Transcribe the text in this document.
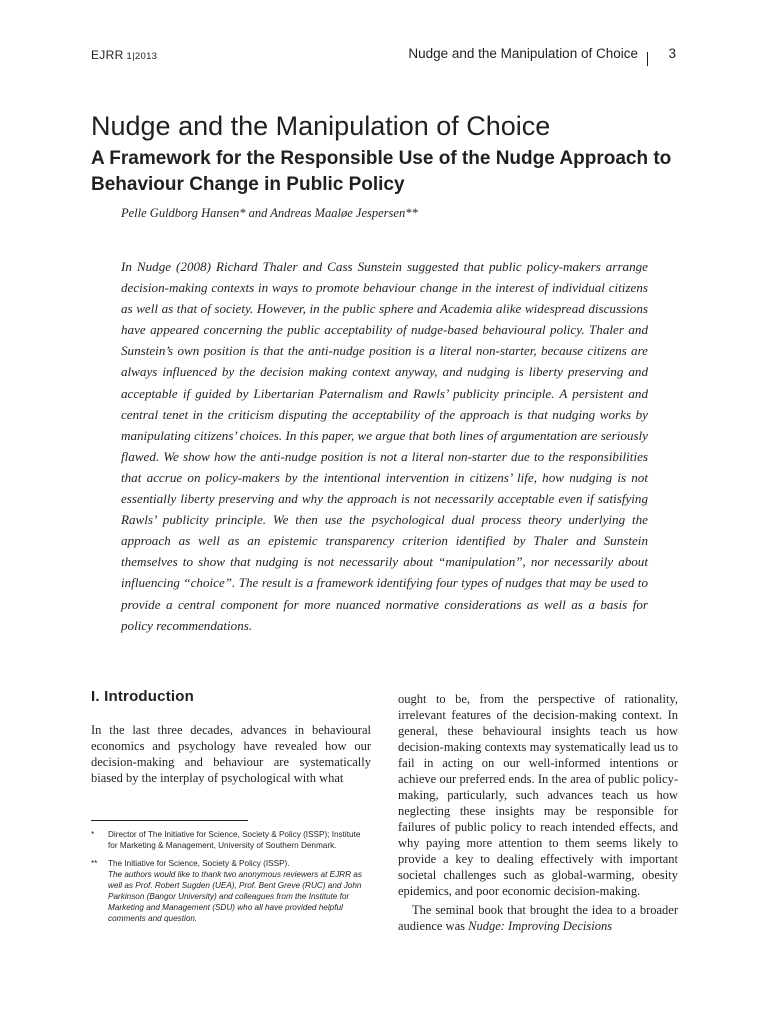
EJRR 1|2013	Nudge and the Manipulation of Choice 3
Nudge and the Manipulation of Choice
A Framework for the Responsible Use of the Nudge Approach to Behaviour Change in Public Policy
Pelle Guldborg Hansen* and Andreas Maaløe Jespersen**

In Nudge (2008) Richard Thaler and Cass Sunstein suggested that public policy-makers arrange decision-making contexts in ways to promote behaviour change in the interest of individual citizens as well as that of society. However, in the public sphere and Academia alike widespread discussions have appeared concerning the public acceptability of nudge-based behavioural policy. Thaler and Sunstein’s own position is that the anti-nudge position is a literal non-starter, because citizens are always influenced by the decision making context anyway, and nudging is liberty preserving and acceptable if guided by Libertarian Paternalism and Rawls’ publicity principle. A persistent and central tenet in the criticism disputing the acceptability of the approach is that nudging works by manipulating citizens’ choices. In this paper, we argue that both lines of argumentation are seriously flawed. We show how the anti-nudge position is not a literal non-starter due to the responsibilities that accrue on policy-makers by the intentional intervention in citizens’ life, how nudging is not essentially liberty preserving and why the approach is not necessarily acceptable even if satisfying Rawls’ publicity principle. We then use the psychological dual process theory underlying the approach as well as an epistemic transparency criterion identified by Thaler and Sunstein themselves to show that nudging is not necessarily about “manipulation”, nor necessarily about influencing “choice”. The result is a framework identifying four types of nudges that may be used to provide a central component for more nuanced normative considerations as well as a basis for policy recommendations.

I. Introduction

In the last three decades, advances in behavioural economics and psychology have revealed how our decision-making and behaviour are systematically biased by the interplay of psychological with what

* Director of The Initiative for Science, Society & Policy (ISSP); Institute for Marketing & Management, University of Southern Denmark.
** The Initiative for Science, Society & Policy (ISSP).
The authors would like to thank two anonymous reviewers at EJRR as well as Prof. Robert Sugden (UEA), Prof. Bent Greve (RUC) and John Parkinson (Bangor University) and colleagues from the Institute for Marketing and Management (SDU) who all have provided helpful comments and question.

ought to be, from the perspective of rationality, irrelevant features of the decision-making context. In general, these behavioural insights teach us how decision-making contexts may systematically lead us to fail in acting on our well-informed intentions or achieve our preferred ends. In the area of public policy-making, particularly, such advances teach us how neglecting these insights may be responsible for failures of public policy to reach intended effects, and why paying more attention to them seems likely to provide a key to dealing effectively with important societal challenges such as global-warming, obesity epidemics, and poor economic decision-making.

The seminal book that brought the idea to a broader audience was Nudge: Improving Decisions
